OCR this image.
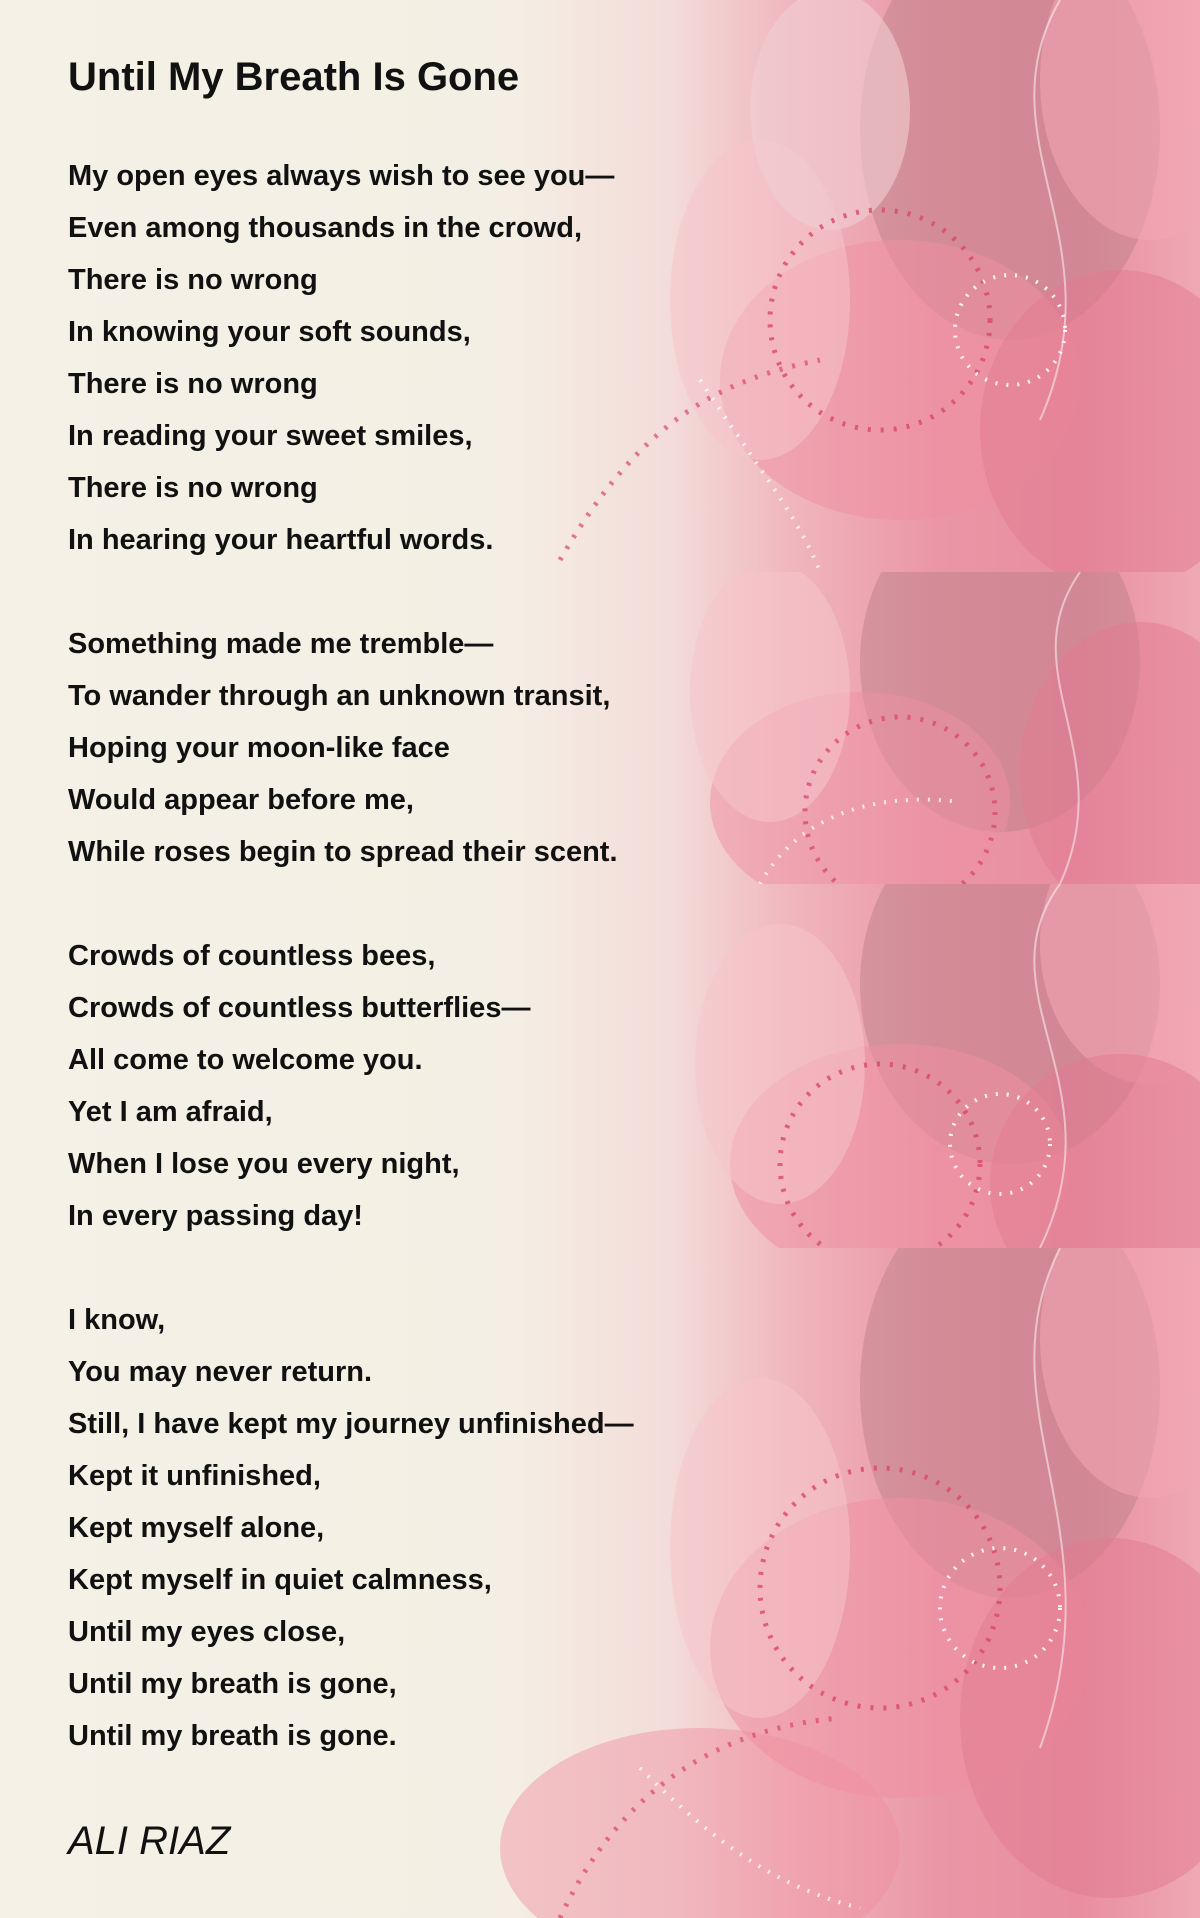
Until My Breath Is Gone
My open eyes always wish to see you—
Even among thousands in the crowd,
There is no wrong
In knowing your soft sounds,
There is no wrong
In reading your sweet smiles,
There is no wrong
In hearing your heartful words.
Something made me tremble—
To wander through an unknown transit,
Hoping your moon-like face
Would appear before me,
While roses begin to spread their scent.
Crowds of countless bees,
Crowds of countless butterflies—
All come to welcome you.
Yet I am afraid,
When I lose you every night,
In every passing day!
I know,
You may never return.
Still, I have kept my journey unfinished—
Kept it unfinished,
Kept myself alone,
Kept myself in quiet calmness,
Until my eyes close,
Until my breath is gone,
Until my breath is gone.

ALI RIAZ
